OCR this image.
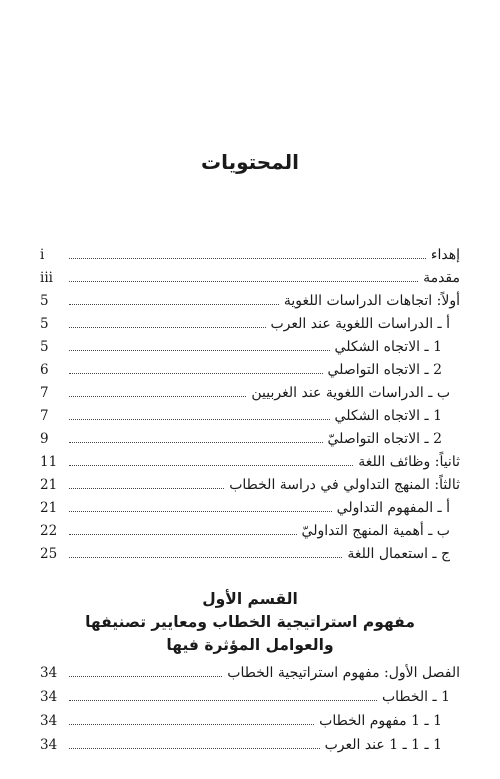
المحتويات
إهداء
i
مقدمة
iii
أولاً: اتجاهات الدراسات اللغوية
5
أ ـ الدراسات اللغوية عند العرب
5
1 ـ الاتجاه الشكلي
5
2 ـ الاتجاه التواصلي
6
ب ـ الدراسات اللغوية عند الغربيين
7
1 ـ الاتجاه الشكلي
7
2 ـ الاتجاه التواصليّ
9
ثانياً: وظائف اللغة
11
ثالثاً: المنهج التداولي في دراسة الخطاب
21
أ ـ المفهوم التداولي
21
ب ـ أهمية المنهج التداوليّ
22
ج ـ استعمال اللغة
25
القسم الأول
مفهوم استراتيجية الخطاب ومعايير تصنيفها
والعوامل المؤثرة فيها
الفصل الأول: مفهوم استراتيجية الخطاب
34
1 ـ الخطاب
34
1 ـ 1 مفهوم الخطاب
34
1 ـ 1 ـ 1 عند العرب
34
